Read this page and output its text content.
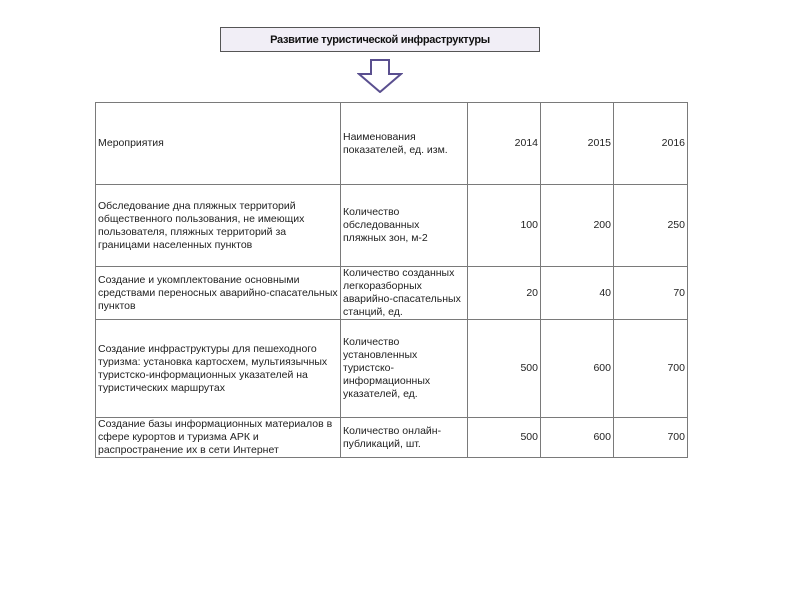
Развитие туристической инфраструктуры
Мероприятия	Наименования показателей, ед. изм.	2014	2015	2016
Обследование дна пляжных территорий общественного пользования, не имеющих пользователя, пляжных территорий за границами населенных пунктов	Количество обследованных пляжных зон, м-2	100	200	250
Создание и укомплектование основными средствами переносных аварийно-спасательных пунктов	Количество созданных легкоразборных аварийно-спасательных станций, ед.	20	40	70
Создание инфраструктуры для пешеходного туризма: установка картосхем, мультиязычных туристско-информационных указателей на туристических маршрутах	Количество установленных туристско-информационных указателей, ед.	500	600	700
Создание базы информационных материалов в сфере курортов и туризма АРК и распространение их в сети Интернет	Количество онлайн-публикаций, шт.	500	600	700
